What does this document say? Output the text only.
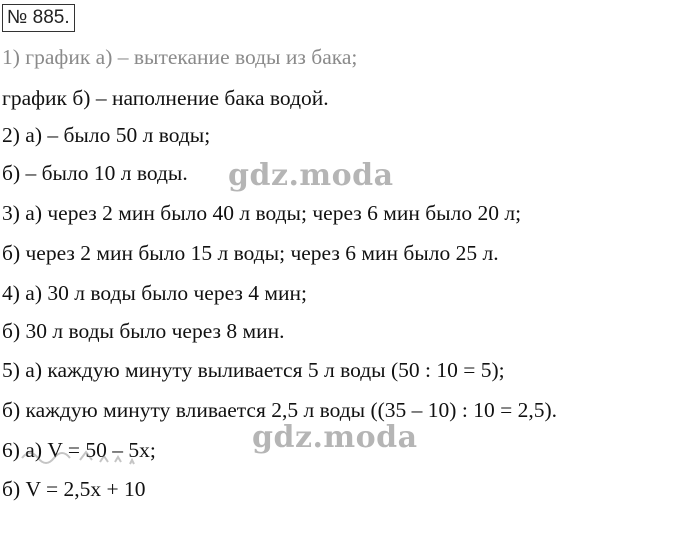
№ 885.
1) график а) – вытекание воды из бака;
график б) – наполнение бака водой.
2) а) – было 50 л воды;
б) – было 10 л воды.
3) а) через 2 мин было 40 л воды; через 6 мин было 20 л;
б) через 2 мин было 15 л воды; через 6 мин было 25 л.
4) а) 30 л воды было через 4 мин;
б) 30 л воды было через 8 мин.
5) а) каждую минуту выливается 5 л воды (50 : 10 = 5);
б) каждую минуту вливается 2,5 л воды ((35 – 10) : 10 = 2,5).
6) а) V = 50 – 5x;
б) V = 2,5x + 10
gdz.moda
gdz.moda
